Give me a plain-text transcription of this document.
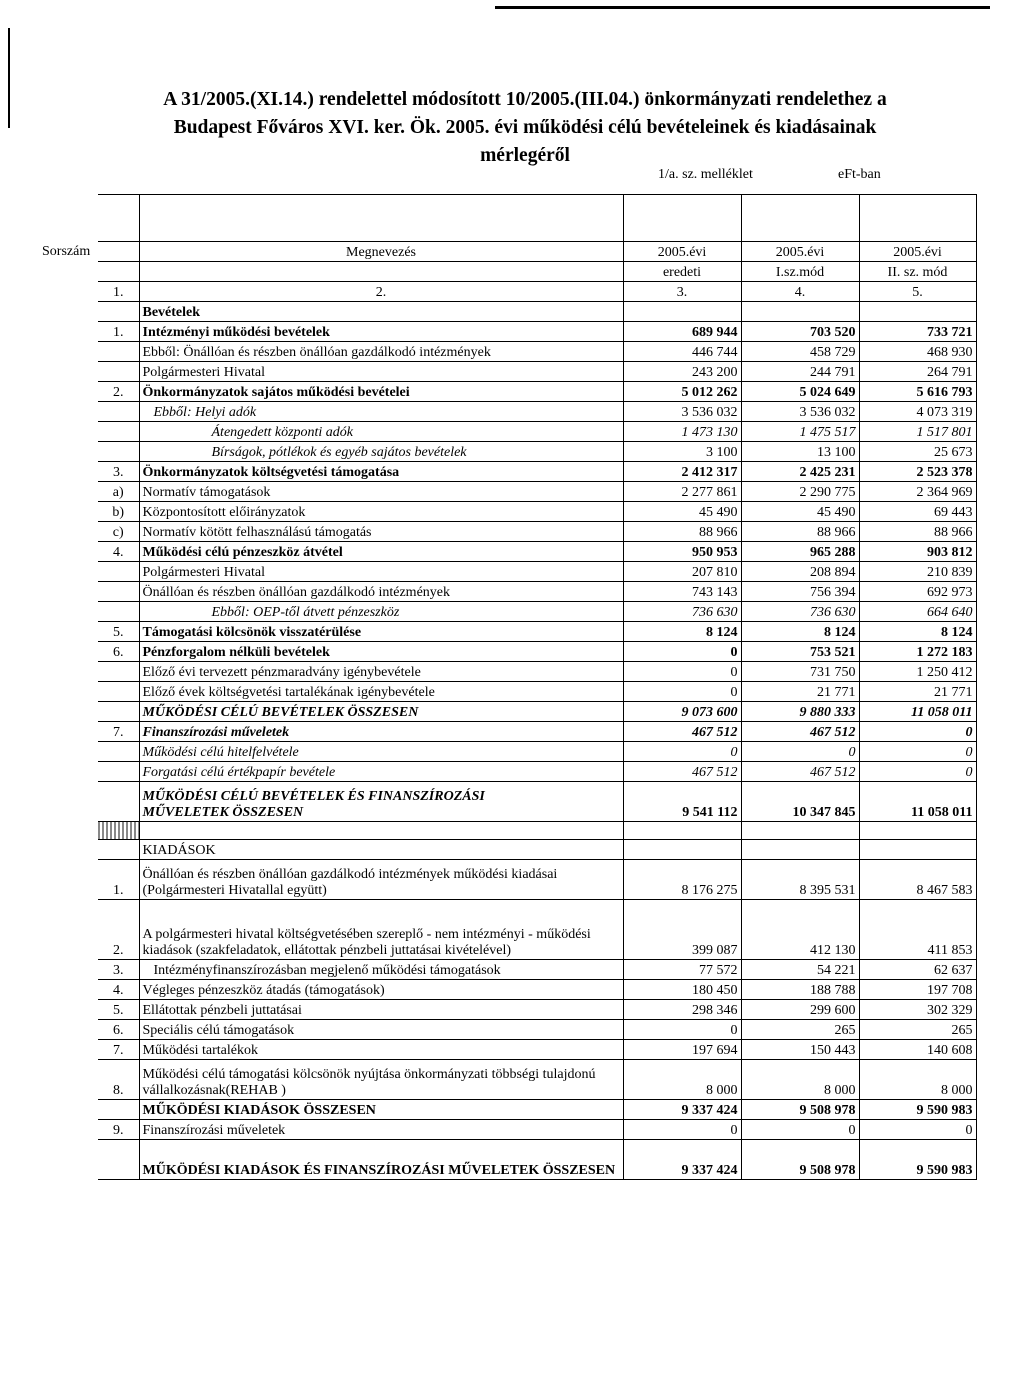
A 31/2005.(XI.14.) rendelettel módosított 10/2005.(III.04.) önkormányzati rendelethez a
Budapest Főváros XVI. ker. Ök. 2005. évi működési célú bevételeinek és kiadásainak
mérlegéről
1/a. sz. melléklet	eFt-ban

Sorszám	Megnevezés	2005.évi	2005.évi	2005.évi
		eredeti	I.sz.mód	II. sz. mód
1.	2.	3.	4.	5.
	Bevételek			
1.	Intézményi működési bevételek	689 944	703 520	733 721
	Ebből: Önállóan és részben önállóan gazdálkodó intézmények	446 744	458 729	468 930
	Polgármesteri Hivatal	243 200	244 791	264 791
2.	Önkormányzatok sajátos működési bevételei	5 012 262	5 024 649	5 616 793
	Ebből: Helyi adók	3 536 032	3 536 032	4 073 319
	Átengedett központi adók	1 473 130	1 475 517	1 517 801
	Bírságok, pótlékok és egyéb sajátos bevételek	3 100	13 100	25 673
3.	Önkormányzatok költségvetési támogatása	2 412 317	2 425 231	2 523 378
a)	Normatív támogatások	2 277 861	2 290 775	2 364 969
b)	Központosított előirányzatok	45 490	45 490	69 443
c)	Normatív kötött felhasználású támogatás	88 966	88 966	88 966
4.	Működési célú pénzeszköz átvétel	950 953	965 288	903 812
	Polgármesteri Hivatal	207 810	208 894	210 839
	Önállóan és részben önállóan gazdálkodó intézmények	743 143	756 394	692 973
	Ebből: OEP-től átvett pénzeszköz	736 630	736 630	664 640
5.	Támogatási kölcsönök visszatérülése	8 124	8 124	8 124
6.	Pénzforgalom nélküli bevételek	0	753 521	1 272 183
	Előző évi tervezett pénzmaradvány igénybevétele	0	731 750	1 250 412
	Előző évek költségvetési tartalékának igénybevétele	0	21 771	21 771
	MŰKÖDÉSI CÉLÚ BEVÉTELEK ÖSSZESEN	9 073 600	9 880 333	11 058 011
7.	Finanszírozási műveletek	467 512	467 512	0
	Működési célú hitelfelvétele	0	0	0
	Forgatási célú értékpapír bevétele	467 512	467 512	0

	MŰKÖDÉSI CÉLÚ BEVÉTELEK ÉS FINANSZÍROZÁSI
MŰVELETEK ÖSSZESEN	9 541 112	10 347 845	11 058 011

	KIADÁSOK			
1.	Önállóan és részben önállóan gazdálkodó intézmények működési kiadásai (Polgármesteri Hivatallal együtt)	8 176 275	8 395 531	8 467 583
2.	A polgármesteri hivatal költségvetésében szereplő - nem intézményi - működési kiadások (szakfeladatok, ellátottak pénzbeli juttatásai kivételével)	399 087	412 130	411 853
3.	Intézményfinanszírozásban megjelenő működési támogatások	77 572	54 221	62 637
4.	Végleges pénzeszköz átadás (támogatások)	180 450	188 788	197 708
5.	Ellátottak pénzbeli juttatásai	298 346	299 600	302 329
6.	Speciális célú támogatások	0	265	265
7.	Működési tartalékok	197 694	150 443	140 608
8.	Működési célú támogatási kölcsönök nyújtása önkormányzati többségi tulajdonú vállalkozásnak(REHAB )	8 000	8 000	8 000
	MŰKÖDÉSI KIADÁSOK ÖSSZESEN	9 337 424	9 508 978	9 590 983
9.	Finanszírozási műveletek	0	0	0
	MŰKÖDÉSI KIADÁSOK ÉS FINANSZÍROZÁSI MŰVELETEK ÖSSZESEN	9 337 424	9 508 978	9 590 983
